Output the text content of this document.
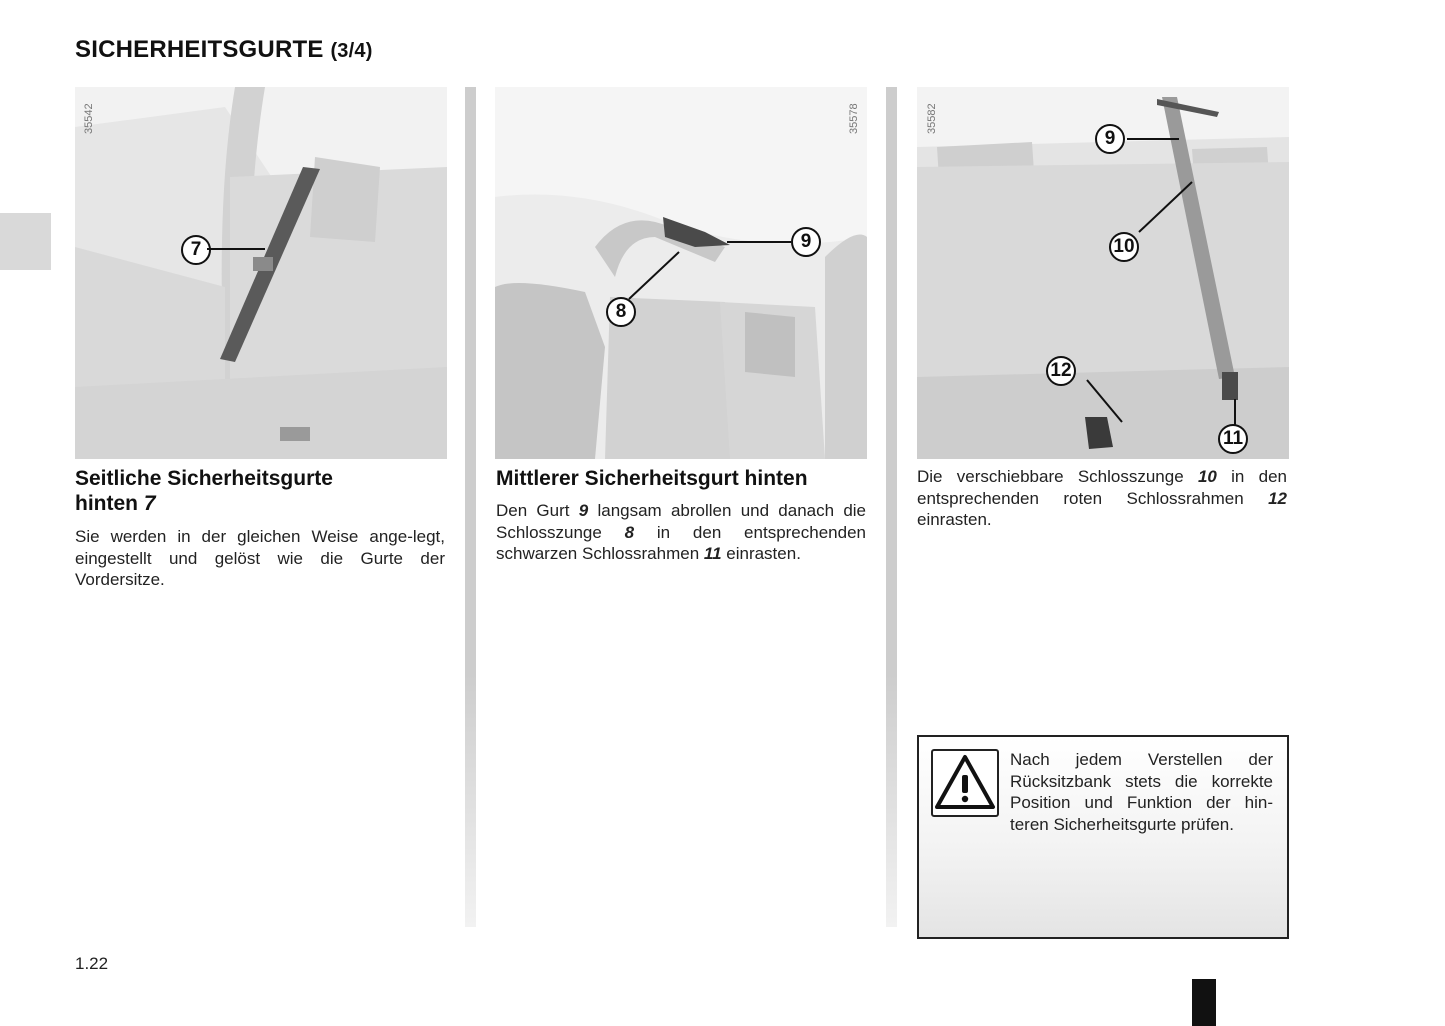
SICHERHEITSGURTE (3/4)
7
35542
Seitliche Sicherheitsgurte
hinten 7
Sie werden in der gleichen Weise ange-legt, eingestellt und gelöst wie die Gurte der Vordersitze.
9
8
35578
Mittlerer Sicherheitsgurt hinten
Den Gurt 9 langsam abrollen und danach die Schlosszunge 8 in den entsprechenden schwarzen Schlossrahmen 11 einrasten.
9
10
12
11
35582
Die verschiebbare Schlosszunge 10 in den entsprechenden roten Schlossrahmen 12 einrasten.
Nach jedem Verstellen der Rücksitzbank stets die korrekte Position und Funktion der hin-teren Sicherheitsgurte prüfen.
1.22
